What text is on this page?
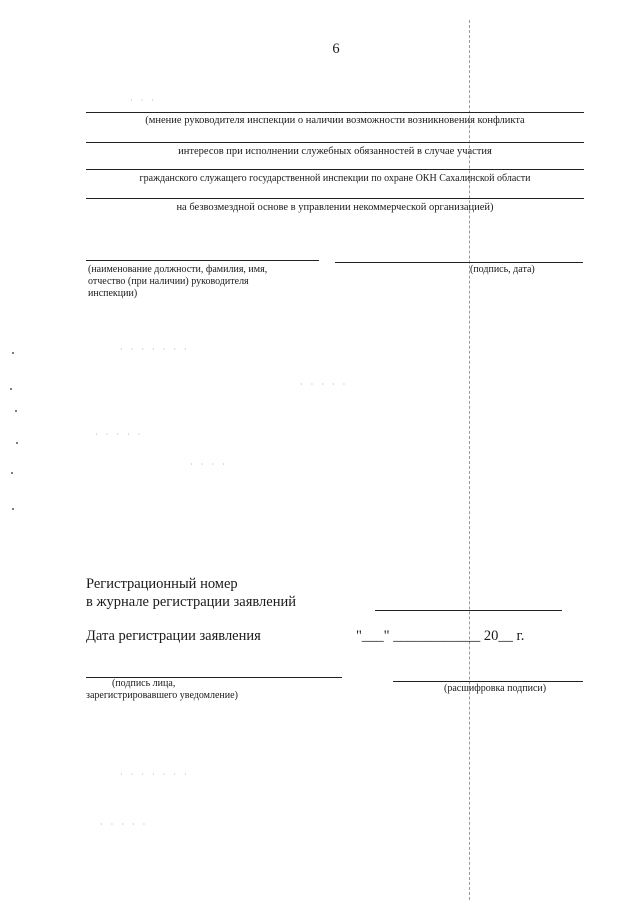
· · ·
· · · · · · ·
· · · · ·
· · · · ·
· · · ·
· · · · · · ·
· · · · ·
6
(мнение руководителя инспекции о наличии возможности возникновения конфликта
интересов при исполнении служебных обязанностей в случае участия
гражданского служащего государственной инспекции по охране ОКН Сахалинской области
на безвозмездной основе в управлении некоммерческой организацией)
(наименование должности, фамилия, имя,
отчество (при наличии) руководителя
инспекции)
(подпись, дата)
Регистрационный номер
в журнале регистрации заявлений
Дата регистрации заявления	"___" ____________ 20__ г.
(подпись лица,
зарегистрировавшего уведомление)
(расшифровка подписи)
